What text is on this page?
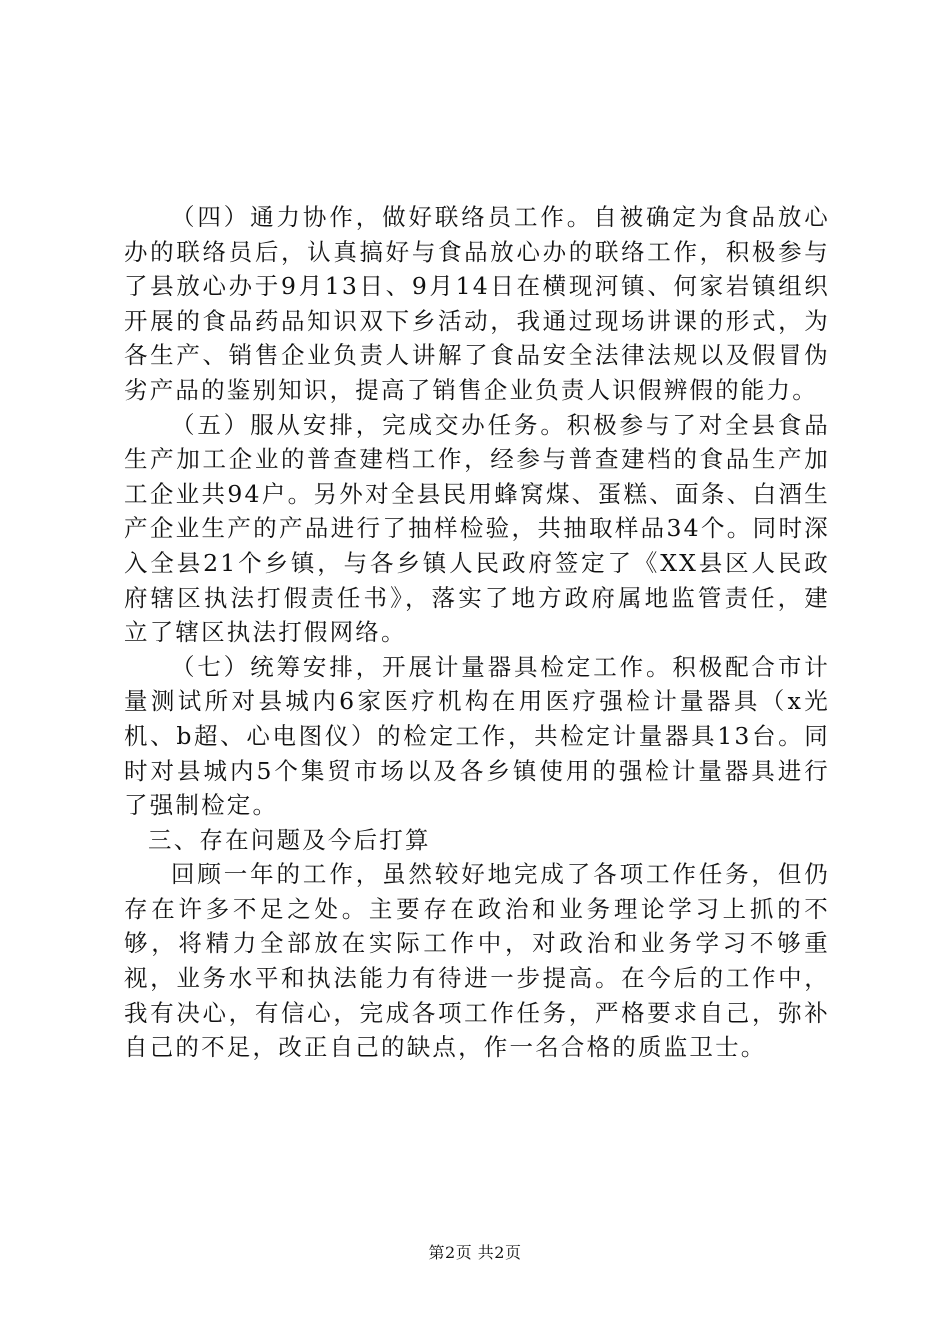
（四）通力协作，做好联络员工作。自被确定为食品放心办的联络员后，认真搞好与食品放心办的联络工作，积极参与了县放心办于9月13日、9月14日在横现河镇、何家岩镇组织开展的食品药品知识双下乡活动，我通过现场讲课的形式，为各生产、销售企业负责人讲解了食品安全法律法规以及假冒伪劣产品的鉴别知识，提高了销售企业负责人识假辨假的能力。

（五）服从安排，完成交办任务。积极参与了对全县食品生产加工企业的普查建档工作，经参与普查建档的食品生产加工企业共94户。另外对全县民用蜂窝煤、蛋糕、面条、白酒生产企业生产的产品进行了抽样检验，共抽取样品34个。同时深入全县21个乡镇，与各乡镇人民政府签定了《XX县区人民政府辖区执法打假责任书》，落实了地方政府属地监管责任，建立了辖区执法打假网络。

（七）统筹安排，开展计量器具检定工作。积极配合市计量测试所对县城内6家医疗机构在用医疗强检计量器具（x光机、b超、心电图仪）的检定工作，共检定计量器具13台。同时对县城内5个集贸市场以及各乡镇使用的强检计量器具进行了强制检定。

三、存在问题及今后打算

回顾一年的工作，虽然较好地完成了各项工作任务，但仍存在许多不足之处。主要存在政治和业务理论学习上抓的不够，将精力全部放在实际工作中，对政治和业务学习不够重视，业务水平和执法能力有待进一步提高。在今后的工作中，我有决心，有信心，完成各项工作任务，严格要求自己，弥补自己的不足，改正自己的缺点，作一名合格的质监卫士。

第2页 共2页
